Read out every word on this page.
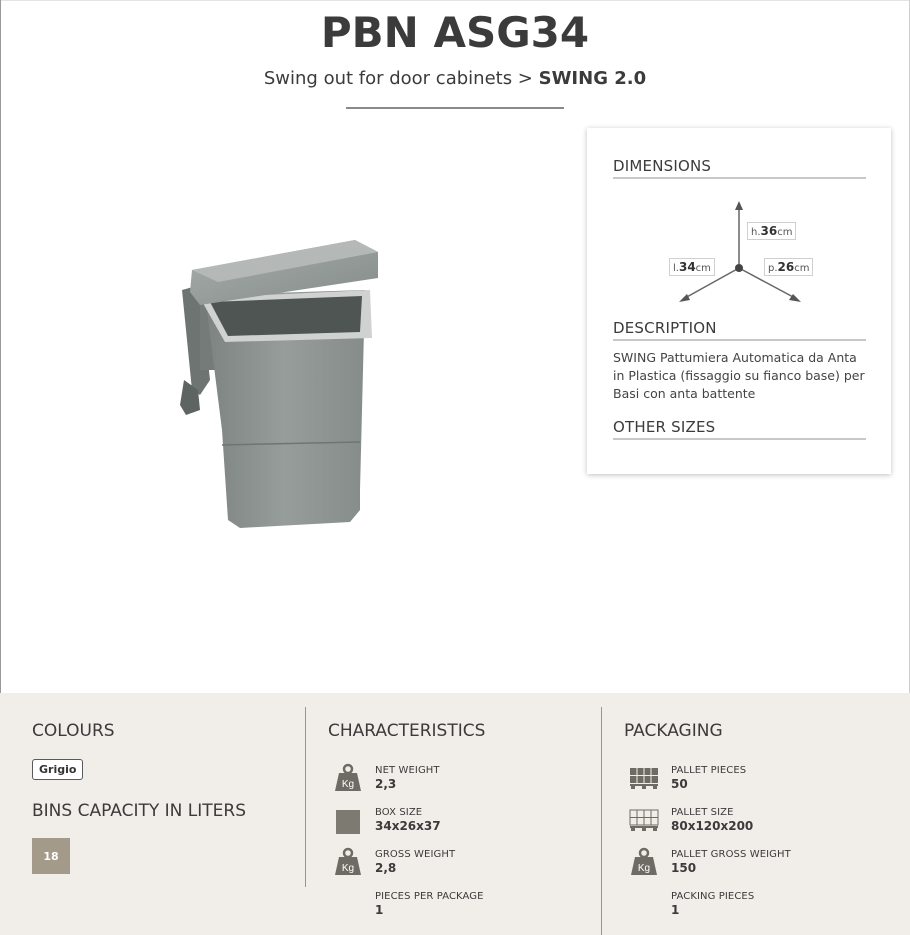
PBN ASG34
Swing out for door cabinets > SWING 2.0
DIMENSIONS
h.36cm
l.34cm	p.26cm
DESCRIPTION
SWING Pattumiera Automatica da Anta in Plastica (fissaggio su fianco base) per Basi con anta battente
OTHER SIZES
COLOURS
Grigio
BINS CAPACITY IN LITERS
18
CHARACTERISTICS
Kg
NET WEIGHT
2,3
BOX SIZE
34x26x37
Kg
GROSS WEIGHT
2,8
PIECES PER PACKAGE
1
PACKAGING
PALLET PIECES
50
PALLET SIZE
80x120x200
Kg
PALLET GROSS WEIGHT
150
PACKING PIECES
1
